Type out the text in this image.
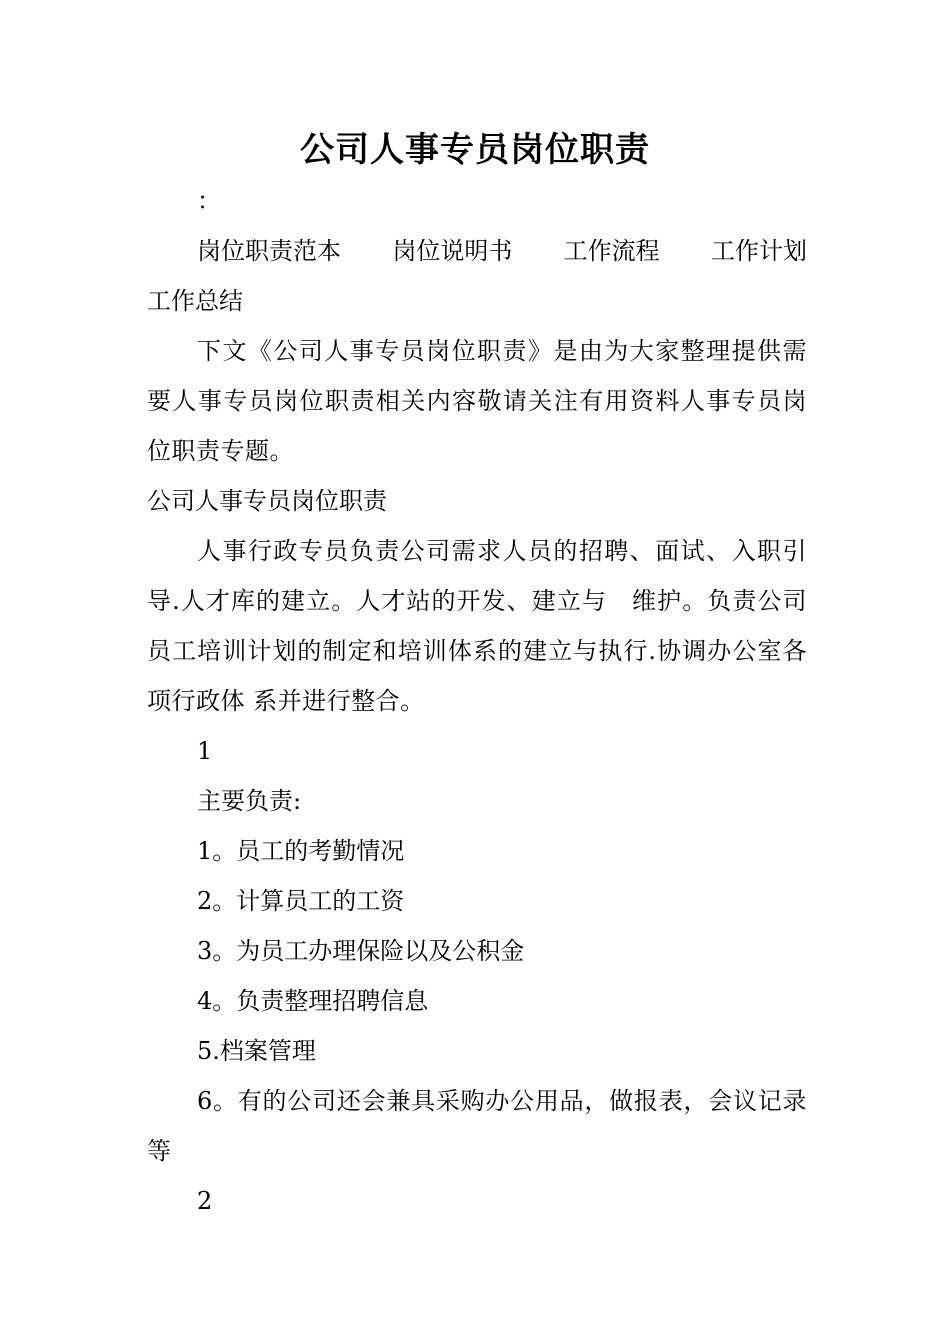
公司人事专员岗位职责
：
岗位职责范本 岗位说明书 工作流程 工作计划
工作总结
下文《公司人事专员岗位职责》是由为大家整理提供需要人事专员岗位职责相关内容敬请关注有用资料人事专员岗位职责专题。
公司人事专员岗位职责
人事行政专员负责公司需求人员的招聘、面试、入职引导.人才库的建立。人才站的开发、建立与　维护。负责公司员工培训计划的制定和培训体系的建立与执行.协调办公室各项行政体 系并进行整合。
1
主要负责:
1。员工的考勤情况
2。计算员工的工资
3。为员工办理保险以及公积金
4。负责整理招聘信息
5.档案管理
6。有的公司还会兼具采购办公用品，做报表，会议记录等
2
